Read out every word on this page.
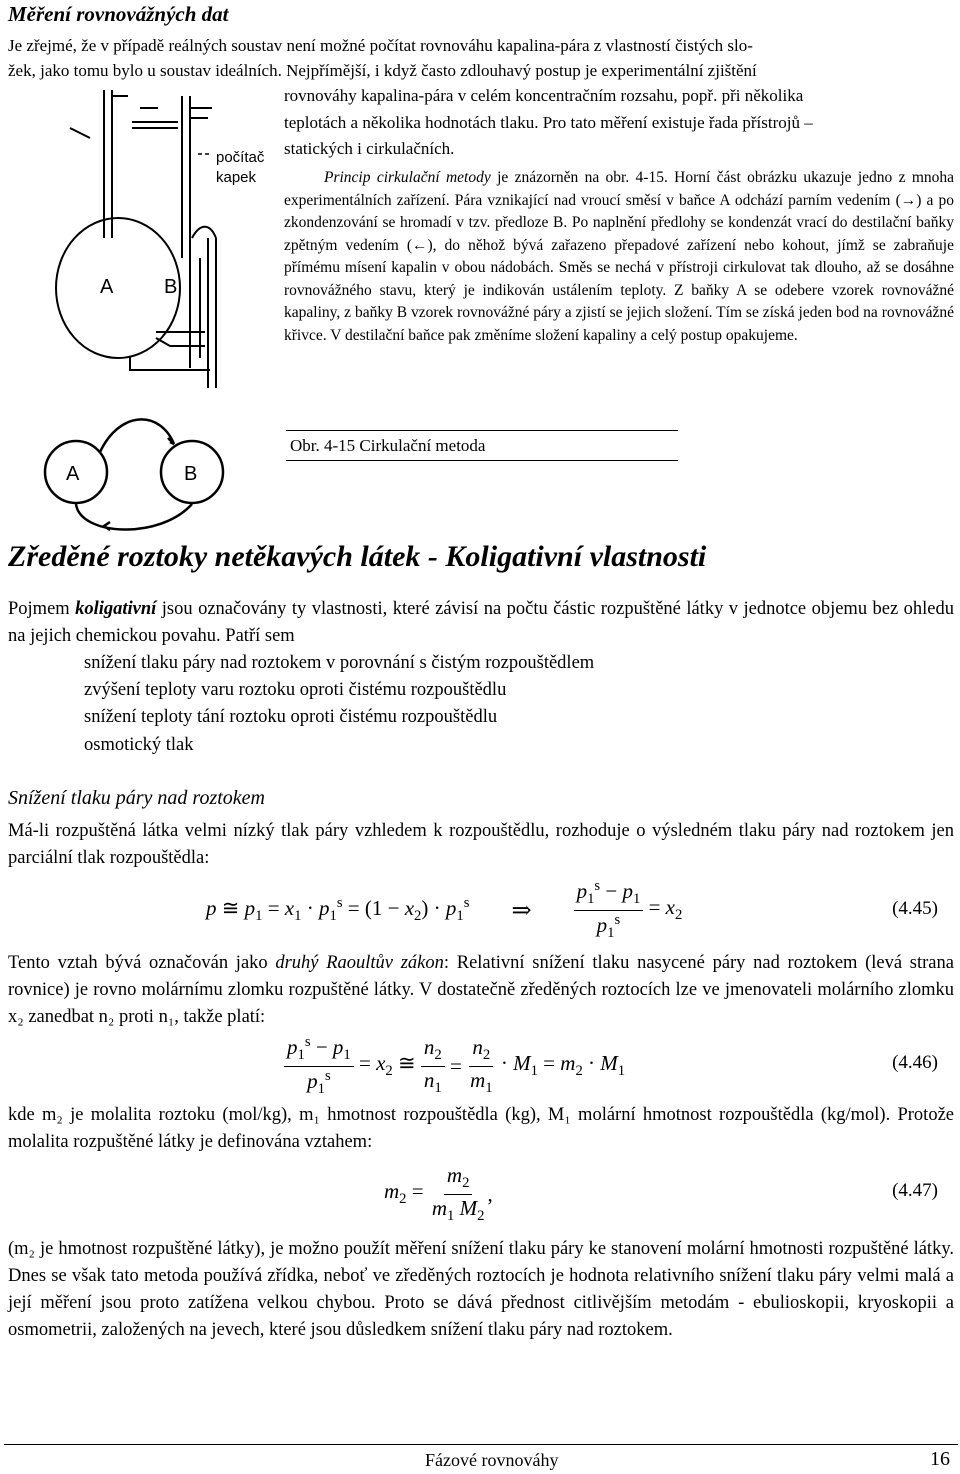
Měření rovnovážných dat
Je zřejmé, že v případě reálných soustav není možné počítat rovnováhu kapalina-pára z vlastností čistých slo-
žek, jako tomu bylo u soustav ideálních. Nejpřímější, i když často zdlouhavý postup je experimentální zjištění
rovnováhy kapalina-pára v celém koncentračním rozsahu, popř. při několika
teplotách a několika hodnotách tlaku. Pro tato měření existuje řada přístrojů –
statických i cirkulačních.
Princip cirkulační metody je znázorněn na obr. 4-15. Horní část obrázku ukazuje jedno z mnoha experimentálních zařízení. Pára vznikající nad vroucí směsí v baňce A odchází parním vedením (→) a po zkondenzování se hromadí v tzv. předloze B. Po naplnění předlohy se kondenzát vrací do destilační baňky zpětným vedením (←), do něhož bývá zařazeno přepadové zařízení nebo kohout, jímž se zabraňuje přímému mísení kapalin v obou nádobách. Směs se nechá v přístroji cirkulovat tak dlouho, až se dosáhne rovnovážného stavu, který je indikován ustálením teploty. Z baňky A se odebere vzorek rovnovážné kapaliny, z baňky B vzorek rovnovážné páry a zjistí se jejich složení. Tím se získá jeden bod na rovnovážné křivce. V destilační baňce pak změníme složení kapaliny a celý postup opakujeme.
A	B
počítač kapek
A	B
Obr. 4-15 Cirkulační metoda
Zředěné roztoky netěkavých látek - Koligativní vlastnosti
Pojmem koligativní jsou označovány ty vlastnosti, které závisí na počtu částic rozpuštěné látky v jednotce objemu bez ohledu na jejich chemickou povahu. Patří sem
snížení tlaku páry nad roztokem v porovnání s čistým rozpouštědlem
zvýšení teploty varu roztoku oproti čistému rozpouštědlu
snížení teploty tání roztoku oproti čistému rozpouštědlu
osmotický tlak
Snížení tlaku páry nad roztokem
Má-li rozpuštěná látka velmi nízký tlak páry vzhledem k rozpouštědlu, rozhoduje o výsledném tlaku páry nad roztokem jen parciální tlak rozpouštědla:
p ≅ $p_1 = x_1 \cdot p_1^s = (1 - x_2) \cdot p_1^s$ ⇒ $\frac{p_1^s - p_1}{p_1^s} = x_2$	(4.45)
Tento vztah bývá označován jako druhý Raoultův zákon: Relativní snížení tlaku nasycené páry nad roztokem (levá strana rovnice) je rovno molárnímu zlomku rozpuštěné látky. V dostatečně zředěných roztocích lze ve jmenovateli molárního zlomku x₂ zanedbat n₂ proti n₁, takže platí:
$\frac{p_1^s - p_1}{p_1^s} = x_2$ ≅ $\frac{n_2}{n_1} = \frac{n_2}{m_1} \cdot M_1 = m_2 \cdot M_1$	(4.46)
kde m₂ je molalita roztoku (mol/kg), m₁ hmotnost rozpouštědla (kg), M₁ molární hmotnost rozpouštědla (kg/mol). Protože molalita rozpuštěné látky je definována vztahem:
$m_2 = \frac{m_2}{m_1 M_2}$ ,	(4.47)
(m₂ je hmotnost rozpuštěné látky), je možno použít měření snížení tlaku páry ke stanovení molární hmotnosti rozpuštěné látky. Dnes se však tato metoda používá zřídka, neboť ve zředěných roztocích je hodnota relativního snížení tlaku páry velmi malá a její měření jsou proto zatížena velkou chybou. Proto se dává přednost citlivějším metodám - ebulioskopii, kryoskopii a osmometrii, založených na jevech, které jsou důsledkem snížení tlaku páry nad roztokem.
Fázové rovnováhy	16
